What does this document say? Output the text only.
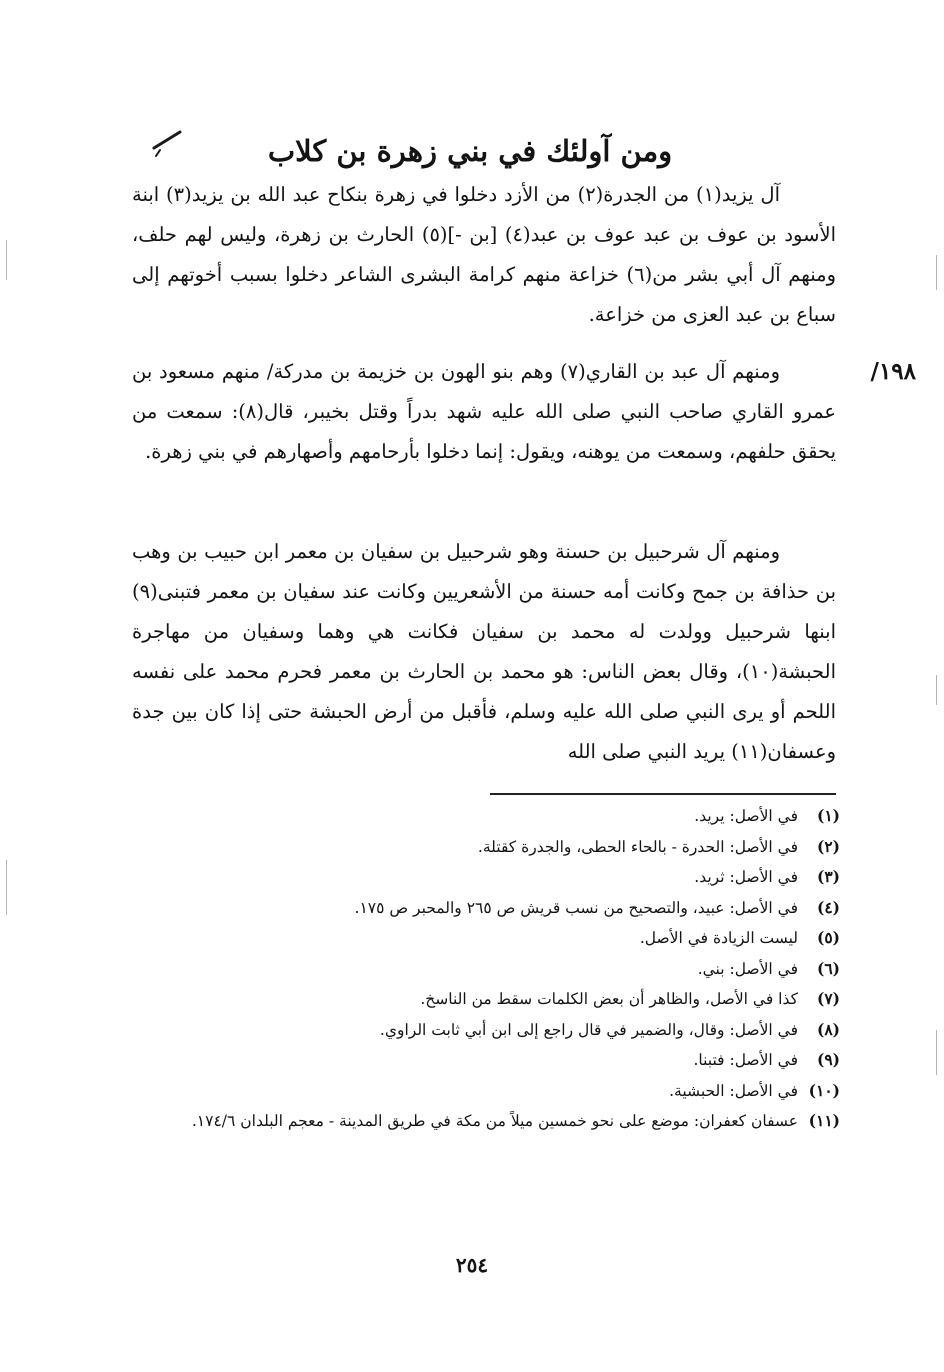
ومن آولئك في بني زهرة بن كلاب
١٩٨/

آل يزيد(١) من الجدرة(٢) من الأزد دخلوا في زهرة بنكاح عبد الله بن يزيد(٣) ابنة الأسود بن عوف بن عبد عوف بن عبد(٤) [بن -](٥) الحارث بن زهرة، وليس لهم حلف، ومنهم آل أبي بشر من(٦) خزاعة منهم كرامة البشرى الشاعر دخلوا بسبب أخوتهم إلى سباع بن عبد العزى من خزاعة.

ومنهم آل عبد بن القاري(٧) وهم بنو الهون بن خزيمة بن مدركة/ منهم مسعود بن عمرو القاري صاحب النبي صلى الله عليه شهد بدراً وقتل بخيبر، قال(٨): سمعت من يحقق حلفهم، وسمعت من يوهنه، ويقول: إنما دخلوا بأرحامهم وأصهارهم في بني زهرة.

ومنهم آل شرحبيل بن حسنة وهو شرحبيل بن سفيان بن معمر ابن حبيب بن وهب بن حذافة بن جمح وكانت أمه حسنة من الأشعريين وكانت عند سفيان بن معمر فتبنى(٩) ابنها شرحبيل وولدت له محمد بن سفيان فكانت هي وهما وسفيان من مهاجرة الحبشة(١٠)، وقال بعض الناس: هو محمد بن الحارث بن معمر فحرم محمد على نفسه اللحم أو يرى النبي صلى الله عليه وسلم، فأقبل من أرض الحبشة حتى إذا كان بين جدة وعسفان(١١) يريد النبي صلى الله

(١)
في الأصل: يريد.
(٢)
في الأصل: الحدرة - بالحاء الحطى، والجدرة كقتلة.
(٣)
في الأصل: ثريد.
(٤)
في الأصل: عبيد، والتصحيح من نسب قريش ص ٢٦٥ والمحبر ص ١٧٥.
(٥)
ليست الزيادة في الأصل.
(٦)
في الأصل: بني.
(٧)
كذا في الأصل، والظاهر أن بعض الكلمات سقط من الناسخ.
(٨)
في الأصل: وقال، والضمير في قال راجع إلى ابن أبي ثابت الراوي.
(٩)
في الأصل: فتبنا.
(١٠)
في الأصل: الحبشية.
(١١)
عسفان كعفران: موضع على نحو خمسين ميلاً من مكة في طريق المدينة - معجم البلدان ١٧٤/٦.
٢٥٤
